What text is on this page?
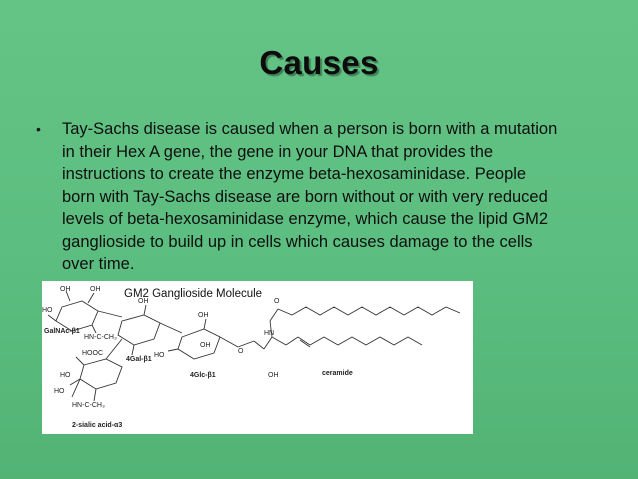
Causes
• Tay-Sachs disease is caused when a person is born with a mutation
in their Hex A gene, the gene in your DNA that provides the
instructions to create the enzyme beta-hexosaminidase. People
born with Tay-Sachs disease are born without or with very reduced
levels of beta-hexosaminidase enzyme, which cause the lipid GM2
ganglioside to build up in cells which causes damage to the cells
over time.
OH	OH
HO
HN-C-CH₃
GalNAc-β1
OH
HOOC
4Gal-β1
OH
HO
OH
4Glc-β1
O
HN
O
OH	ceramide
HO
HO
HN-C-CH₃
2-sialic acid-α3
GM2 Ganglioside Molecule
